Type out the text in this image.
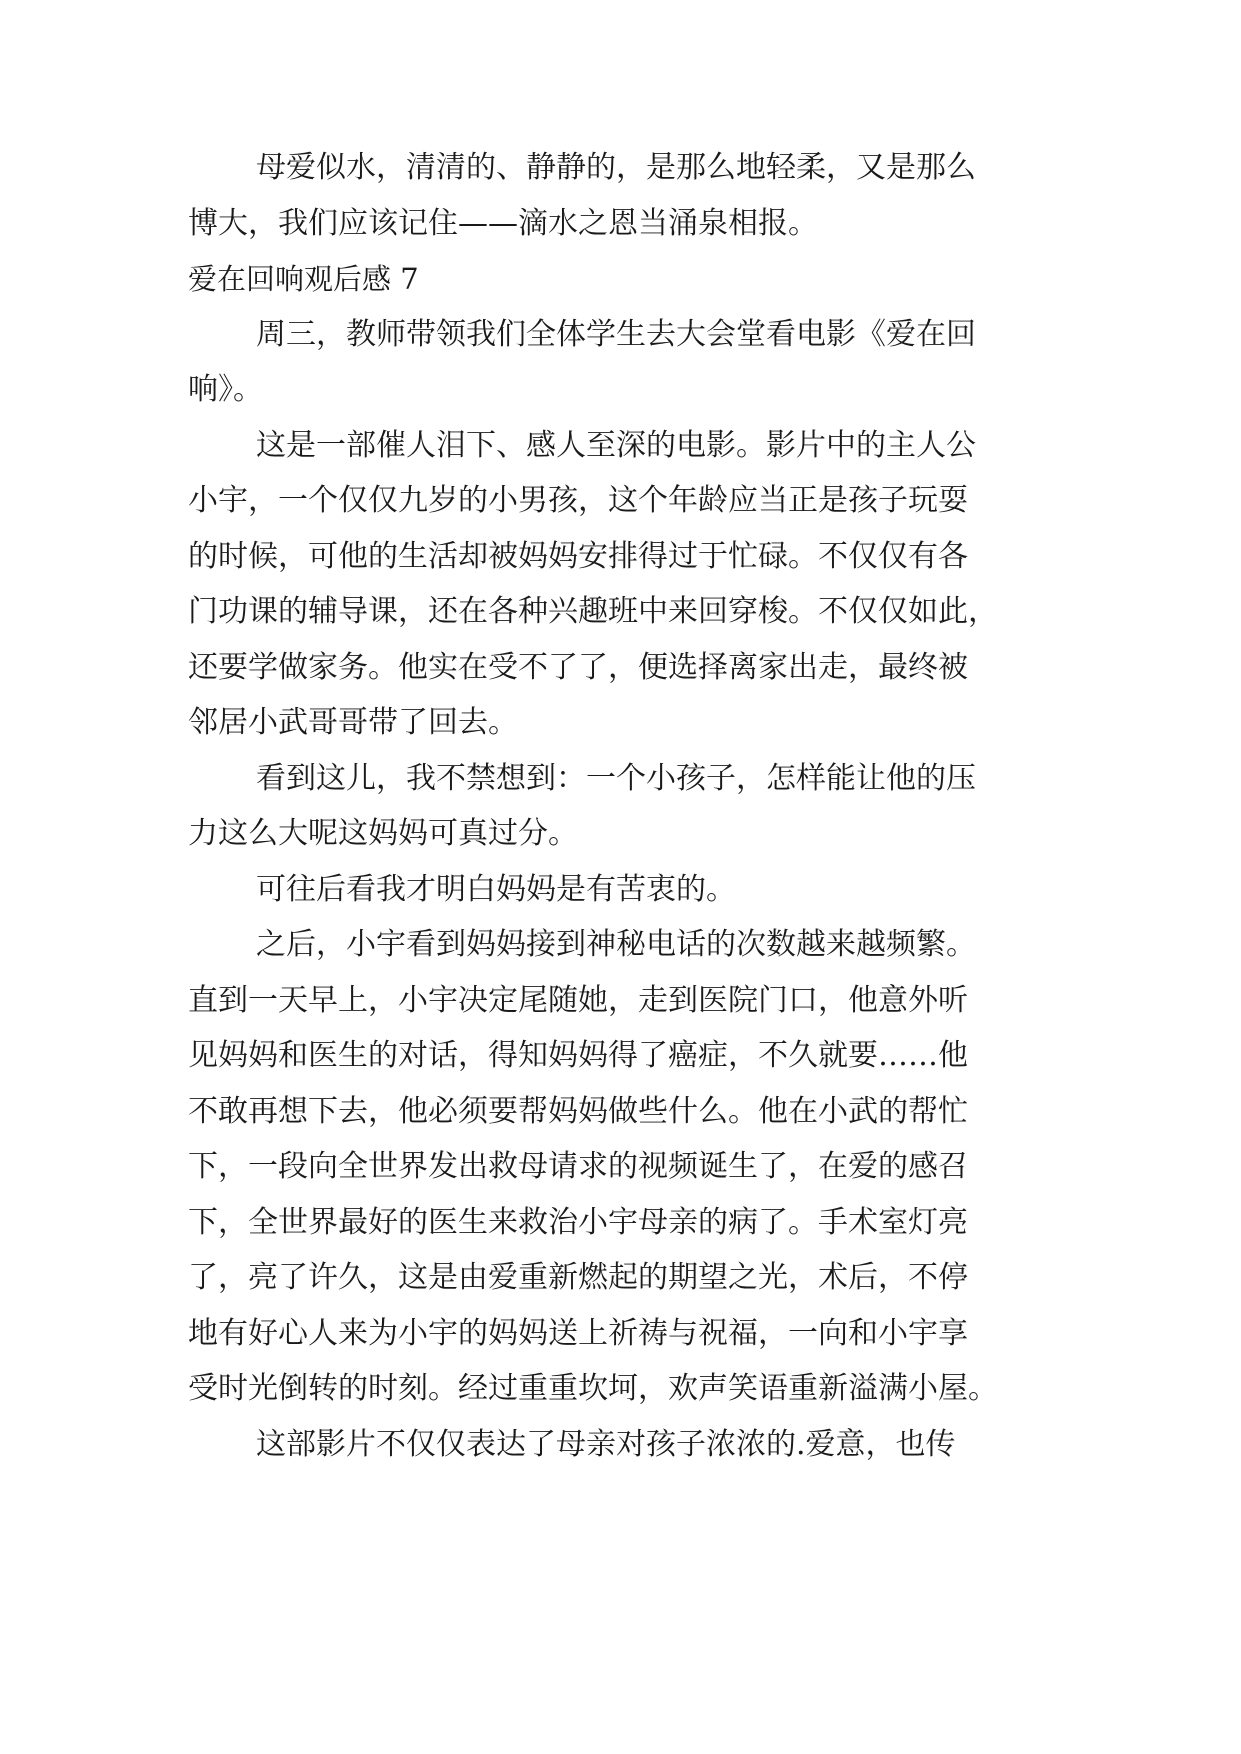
母爱似水，清清的、静静的，是那么地轻柔，又是那么
博大，我们应该记住——滴水之恩当涌泉相报。
爱在回响观后感 7
周三，教师带领我们全体学生去大会堂看电影《爱在回
响》。
这是一部催人泪下、感人至深的电影。影片中的主人公
小宇，一个仅仅九岁的小男孩，这个年龄应当正是孩子玩耍
的时候，可他的生活却被妈妈安排得过于忙碌。不仅仅有各
门功课的辅导课，还在各种兴趣班中来回穿梭。不仅仅如此，
还要学做家务。他实在受不了了，便选择离家出走，最终被
邻居小武哥哥带了回去。
看到这儿，我不禁想到：一个小孩子，怎样能让他的压
力这么大呢这妈妈可真过分。
可往后看我才明白妈妈是有苦衷的。
之后，小宇看到妈妈接到神秘电话的次数越来越频繁。
直到一天早上，小宇决定尾随她，走到医院门口，他意外听
见妈妈和医生的对话，得知妈妈得了癌症，不久就要……他
不敢再想下去，他必须要帮妈妈做些什么。他在小武的帮忙
下，一段向全世界发出救母请求的视频诞生了，在爱的感召
下，全世界最好的医生来救治小宇母亲的病了。手术室灯亮
了，亮了许久，这是由爱重新燃起的期望之光，术后，不停
地有好心人来为小宇的妈妈送上祈祷与祝福，一向和小宇享
受时光倒转的时刻。经过重重坎坷，欢声笑语重新溢满小屋。
这部影片不仅仅表达了母亲对孩子浓浓的.爱意，也传
